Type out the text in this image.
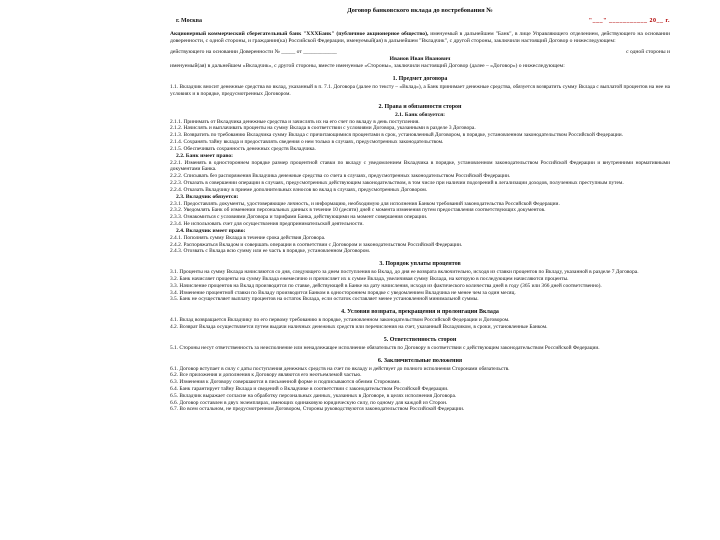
Договор банковского вклада до востребования №
г. Москва	"___" ___________ 20__ г.

Акционерный коммерческий сберегательный банк "ХХХБанк" (публичное акционерное общество), именуемый в дальнейшем "Банк", в лице Управляющего отделением, действующего на основании доверенности, с одной стороны, и гражданин(ка) Российской Федерации, именуемый(ая) в дальнейшем "Вкладчик", с другой стороны, заключили настоящий Договор о нижеследующем:

действующего на основании Доверенности № _____ от ____________	с одной стороны и
Иванов Иван Иванович

именуемый(ая) в дальнейшем «Вкладчик», с другой стороны, вместе именуемые «Стороны», заключили настоящий Договор (далее – «Договор») о нижеследующем:

1. Предмет договора

1.1. Вкладчик вносит денежные средства во вклад, указанный в п. 7.1. Договора (далее по тексту – «Вклад»), а Банк принимает денежные средства, обязуется возвратить сумму Вклада с выплатой процентов на нее на условиях и в порядке, предусмотренных Договором.

2. Права и обязанности сторон
2.1. Банк обязуется:

2.1.1. Принимать от Вкладчика денежные средства и зачислять их на его счет по вкладу в день поступления.

2.1.2. Начислять и выплачивать проценты на сумму Вклада в соответствии с условиями Договора, указанными в разделе 3 Договора.

2.1.3. Возвратить по требованию Вкладчика сумму Вклада с причитающимися процентами в срок, установленный Договором, в порядке, установленном законодательством Российской Федерации.

2.1.4. Сохранять тайну вклада и предоставлять сведения о нем только в случаях, предусмотренных законодательством.

2.1.5. Обеспечивать сохранность денежных средств Вкладчика.

2.2. Банк имеет право:

2.2.1. Изменять в одностороннем порядке размер процентной ставки по вкладу с уведомлением Вкладчика в порядке, установленном законодательством Российской Федерации и внутренними нормативными документами Банка.

2.2.2. Списывать без распоряжения Вкладчика денежные средства со счета в случаях, предусмотренных законодательством Российской Федерации.

2.2.3. Отказать в совершении операции в случаях, предусмотренных действующим законодательством, в том числе при наличии подозрений в легализации доходов, полученных преступным путем.

2.2.4. Отказать Вкладчику в приеме дополнительных взносов во вклад в случаях, предусмотренных Договором.

2.3. Вкладчик обязуется:

2.3.1. Предоставлять документы, удостоверяющие личность, и информацию, необходимую для исполнения Банком требований законодательства Российской Федерации.

2.3.2. Уведомлять Банк об изменении персональных данных в течение 10 (десяти) дней с момента изменения путем предоставления соответствующих документов.

2.3.3. Ознакомиться с условиями Договора и тарифами Банка, действующими на момент совершения операции.

2.3.4. Не использовать счет для осуществления предпринимательской деятельности.

2.4. Вкладчик имеет право:

2.4.1. Пополнять сумму Вклада в течение срока действия Договора.

2.4.2. Распоряжаться Вкладом и совершать операции в соответствии с Договором и законодательством Российской Федерации.

2.4.3. Отозвать с Вклада всю сумму или ее часть в порядке, установленном Договором.

3. Порядок уплаты процентов

3.1. Проценты на сумму Вклада начисляются со дня, следующего за днем поступления во Вклад, до дня ее возврата включительно, исходя из ставки процентов по Вкладу, указанной в разделе 7 Договора.

3.2. Банк начисляет проценты на сумму Вклада ежемесячно и причисляет их к сумме Вклада, увеличивая сумму Вклада, на которую в последующем начисляются проценты.

3.3. Начисление процентов на Вклад производится по ставке, действующей в Банке на дату начисления, исходя из фактического количества дней в году (365 или 366 дней соответственно).

3.4. Изменение процентной ставки по Вкладу производится Банком в одностороннем порядке с уведомлением Вкладчика не менее чем за один месяц.

3.5. Банк не осуществляет выплату процентов на остаток Вклада, если остаток составляет менее установленной минимальной суммы.

4. Условия возврата, прекращения и пролонгации Вклада

4.1. Вклад возвращается Вкладчику по его первому требованию в порядке, установленном законодательством Российской Федерации и Договором.

4.2. Возврат Вклада осуществляется путем выдачи наличных денежных средств или перечисления на счет, указанный Вкладчиком, в сроки, установленные Банком.

5. Ответственность сторон

5.1. Стороны несут ответственность за неисполнение или ненадлежащее исполнение обязательств по Договору в соответствии с действующим законодательством Российской Федерации.

6. Заключительные положения

6.1. Договор вступает в силу с даты поступления денежных средств на счет по вкладу и действует до полного исполнения Сторонами обязательств.

6.2. Все приложения и дополнения к Договору являются его неотъемлемой частью.

6.3. Изменения к Договору совершаются в письменной форме и подписываются обеими Сторонами.

6.4. Банк гарантирует тайну Вклада и сведений о Вкладчике в соответствии с законодательством Российской Федерации.

6.5. Вкладчик выражает согласие на обработку персональных данных, указанных в Договоре, в целях исполнения Договора.

6.6. Договор составлен в двух экземплярах, имеющих одинаковую юридическую силу, по одному для каждой из Сторон.

6.7. Во всем остальном, не предусмотренном Договором, Стороны руководствуются законодательством Российской Федерации.
